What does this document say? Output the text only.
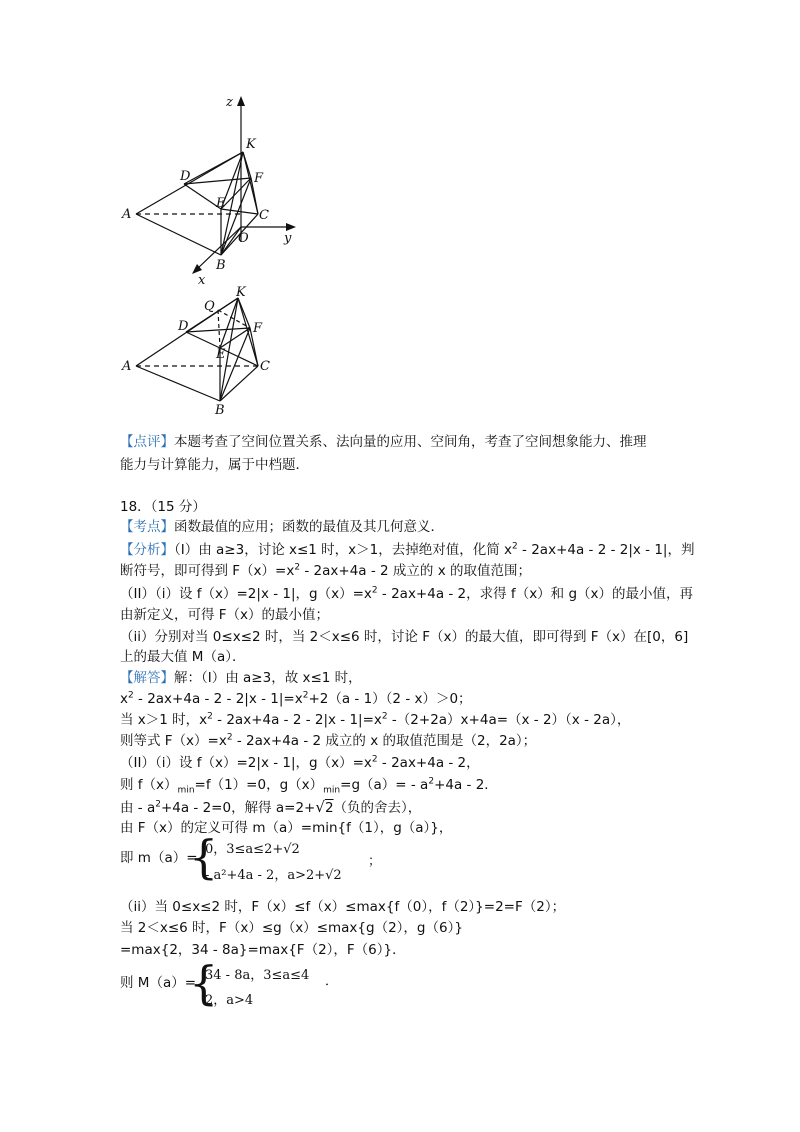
z
K
D	F
E
A	C
O	y
B
x
Q
K
D	F
E
A	C
B
【点评】本题考查了空间位置关系、法向量的应用、空间角，考查了空间想象能力、推理
能力与计算能力，属于中档题．
18．（15 分）
【考点】函数最值的应用；函数的最值及其几何意义．
【分析】（I）由 a≥3，讨论 x≤1 时，x＞1，去掉绝对值，化简 $x^2$ ‑ 2ax+4a ‑ 2 ‑ 2|x ‑ 1|，判
断符号，即可得到 $F(x)=x^2$ ‑ 2ax+4a ‑ 2 成立的 x 的取值范围；
（II）（i）设 f（x）=2|x ‑ 1|，$g(x)=x^2$ ‑ 2ax+4a ‑ 2，求得 f（x）和 g（x）的最小值，再
由新定义，可得 F（x）的最小值；
（ii）分别对当 0≤x≤2 时，当 2＜x≤6 时，讨论 F（x）的最大值，即可得到 F（x）在[0，6]
上的最大值 M（a）．
【解答】解：（I）由 a≥3，故 x≤1 时，
$x^2$ ‑ 2ax+4a ‑ 2 ‑ 2|x ‑ $1|=x^2+2(a$ ‑ 1）（2 ‑ x）＞0；
当 x＞1 时，$x^2$ ‑ 2ax+4a ‑ 2 ‑ 2|x ‑ $1|=x^2$ ‑（2+2a）x+4a=（x ‑ 2）（x ‑ 2a），
则等式 $F(x)=x^2$ ‑ 2ax+4a ‑ 2 成立的 x 的取值范围是（2，2a）；
（II）（i）设 f（x）=2|x ‑ 1|，$g(x)=x^2$ ‑ 2ax+4a ‑ 2，
则 $f(x)_{min}=f(1)=0$，$g(x)_{min}=g(a)=$ ‑ $a^2+4a$ ‑ 2．
由 ‑ $a^2+4a$ ‑ 2=0，解得 a=2+√2（负的舍去），
由 F（x）的定义可得 m（a）=min{f（1），g（a）}，
即 m（a）=
{
0，3≤a≤2+√2
‑ a²+4a ‑ 2，a>2+√2
；
（ii）当 0≤x≤2 时，F（x）≤f（x）≤max{f（0），f（2）}=2=F（2）；
当 2＜x≤6 时，F（x）≤g（x）≤max{g（2），g（6）}
=max{2，34 ‑ 8a}=max{F（2），F（6）}．
则 M（a）=
{
34 ‑ 8a，3≤a≤4
2，a>4
．
